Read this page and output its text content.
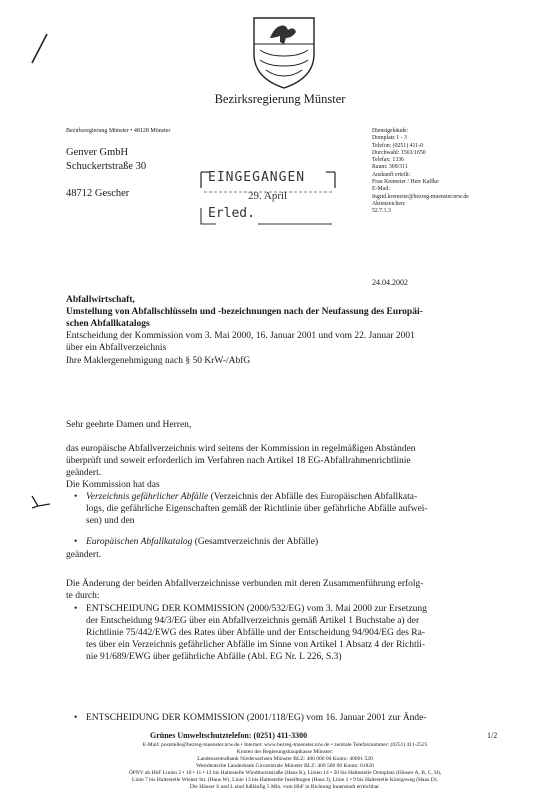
Bezirksregierung Münster
Bezirksregierung Münster • 48128 Münster
Genver GmbH
Schuckertstraße 30
48712 Gescher
EINGEGANGEN
29. April
Erled.
Dienstgebäude:
Domplatz 1 - 3
Telefon: (0251) 411-0
Durchwahl: 1563/1650
Telefax: 1336
Raum: 309/311
Auskunft erteilt:
Frau Kremeier / Herr Kaffke
E-Mail:
Ingrid.kremeier@bezreg-muenster.nrw.de
Aktenzeichen:
52.7.1.3
24.04.2002
Abfallwirtschaft,
Umstellung von Abfallschlüsseln und -bezeichnungen nach der Neufassung des Europäi-
schen Abfallkatalogs
Entscheidung der Kommission vom 3. Mai 2000, 16. Januar 2001 und vom 22. Januar 2001
über ein Abfallverzeichnis
Ihre Maklergenehmigung nach § 50 KrW-/AbfG
Sehr geehrte Damen und Herren,
das europäische Abfallverzeichnis wird seitens der Kommission in regelmäßigen Abständen
überprüft und soweit erforderlich im Verfahren nach Artikel 18 EG-Abfallrahmenrichtlinie
geändert.
Die Kommission hat das
• Verzeichnis gefährlicher Abfälle (Verzeichnis der Abfälle des Europäischen Abfallkata-
logs, die gefährliche Eigenschaften gemäß der Richtlinie über gefährliche Abfälle aufwei-
sen) und den
• Europäischen Abfallkatalog (Gesamtverzeichnis der Abfälle)
geändert.
Die Änderung der beiden Abfallverzeichnisse verbunden mit deren Zusammenführung erfolg-
te durch:
• ENTSCHEIDUNG DER KOMMISSION (2000/532/EG) vom 3. Mai 2000 zur Ersetzung
der Entscheidung 94/3/EG über ein Abfallverzeichnis gemäß Artikel 1 Buchstabe a) der
Richtlinie 75/442/EWG des Rates über Abfälle und der Entscheidung 94/904/EG des Ra-
tes über ein Verzeichnis gefährlicher Abfälle im Sinne von Artikel 1 Absatz 4 der Richtli-
nie 91/689/EWG über gefährliche Abfälle (Abl. EG Nr. L 226, S.3)
• ENTSCHEIDUNG DER KOMMISSION (2001/118/EG) vom 16. Januar 2001 zur Ände-
Grünes Umweltschutztelefon: (0251) 411-3300	1/2
E-Mail: poststelle@bezreg-muenster.nrw.de • Internet: www.bezreg-muenster.nrw.de • zentrale Telefaxnummer: (0251) 411-2525
Konten der Regierungshauptkasse Münster:
Landeszentralbank Niedersachsen Münster BLZ: 400 000 00 Konto: 40001 520
Westdeutsche Landesbank Girozentrale Münster BLZ: 400 500 00 Konto: 61820
ÖPNV ab HbF Linien 2 • 10 • 11 • 12 bis Haltestelle Windthorststraße (Haus K), Linien 14 • 20 bis Haltestelle Domplatz (Häuser A, B, C, H),
Linie 7 bis Haltestelle Wiener Str. (Haus W), Linie 13 bis Haltestelle Insellbogen (Haus I), Linie 1 • 9 bis Haltestelle Königsweg (Haus D).
Die Häuser S und L sind fußläufig 5 Min. vom HbF in Richtung Innenstadt erreichbar.
